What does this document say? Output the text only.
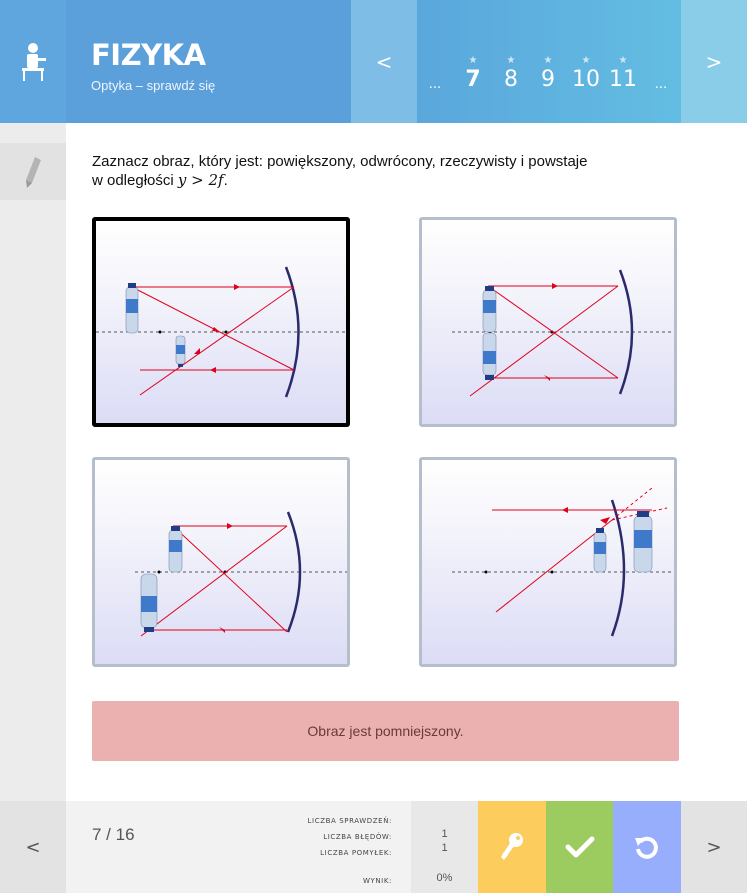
FIZYKA
Optyka – sprawdź się
<
...
★
7
★
8
★
9
★
10
★
11	...
>
Zaznacz obraz, który jest: powiększony, odwrócony, rzeczywisty i powstaje
w odległości y > 2f.
Obraz jest pomniejszony.
<
7 / 16
LICZBA SPRAWDZEŃ:
LICZBA BŁĘDÓW:
LICZBA POMYŁEK:
WYNIK:
1
1
0%
>
